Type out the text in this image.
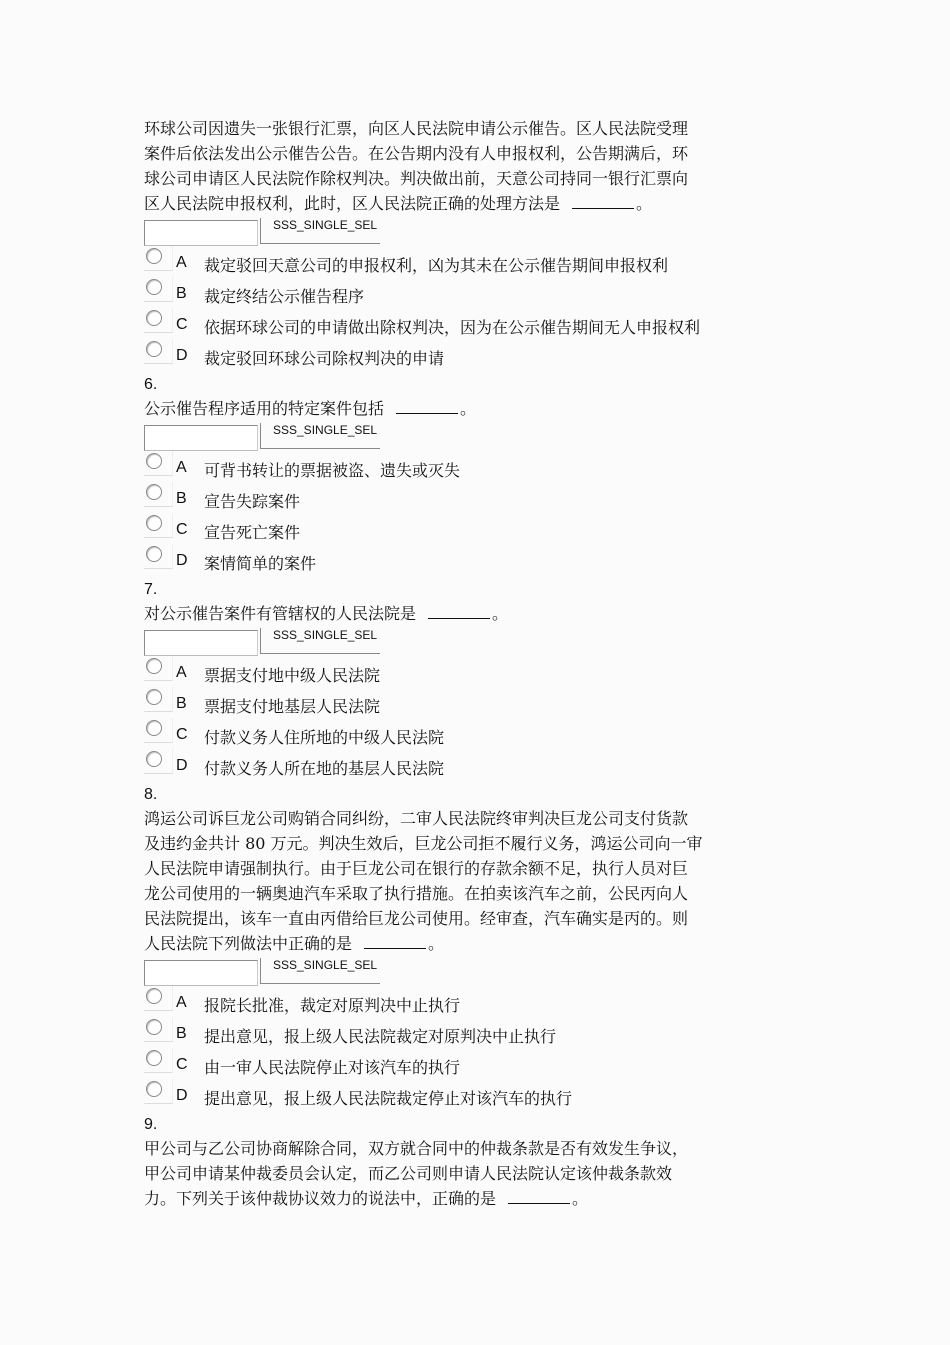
环球公司因遗失一张银行汇票，向区人民法院申请公示催告。区人民法院受理
案件后依法发出公示催告公告。在公告期内没有人申报权利，公告期满后，环
球公司申请区人民法院作除权判决。判决做出前，天意公司持同一银行汇票向
区人民法院申报权利，此时，区人民法院正确的处理方法是	。

SSS_SINGLE_SEL
A 裁定驳回天意公司的申报权利，凶为其未在公示催告期间申报权利
B 裁定终结公示催告程序
C 依据环球公司的申请做出除权判决，因为在公示催告期间无人申报权利
D 裁定驳回环球公司除权判决的申请
6.

公示催告程序适用的特定案件包括	。

SSS_SINGLE_SEL
A 可背书转让的票据被盗、遗失或灭失
B 宣告失踪案件
C 宣告死亡案件
D 案情简单的案件
7.

对公示催告案件有管辖权的人民法院是	。

SSS_SINGLE_SEL
A 票据支付地中级人民法院
B 票据支付地基层人民法院
C 付款义务人住所地的中级人民法院
D 付款义务人所在地的基层人民法院
8.

鸿运公司诉巨龙公司购销合同纠纷，二审人民法院终审判决巨龙公司支付货款
及违约金共计 80 万元。判决生效后，巨龙公司拒不履行义务，鸿运公司向一审
人民法院申请强制执行。由于巨龙公司在银行的存款余额不足，执行人员对巨
龙公司使用的一辆奥迪汽车采取了执行措施。在拍卖该汽车之前，公民丙向人
民法院提出，该车一直由丙借给巨龙公司使用。经审查，汽车确实是丙的。则
人民法院下列做法中正确的是	。

SSS_SINGLE_SEL
A 报院长批准，裁定对原判决中止执行
B 提出意见，报上级人民法院裁定对原判决中止执行
C 由一审人民法院停止对该汽车的执行
D 提出意见，报上级人民法院裁定停止对该汽车的执行
9.

甲公司与乙公司协商解除合同，双方就合同中的仲裁条款是否有效发生争议，
甲公司申请某仲裁委员会认定，而乙公司则申请人民法院认定该仲裁条款效
力。下列关于该仲裁协议效力的说法中，正确的是	。
